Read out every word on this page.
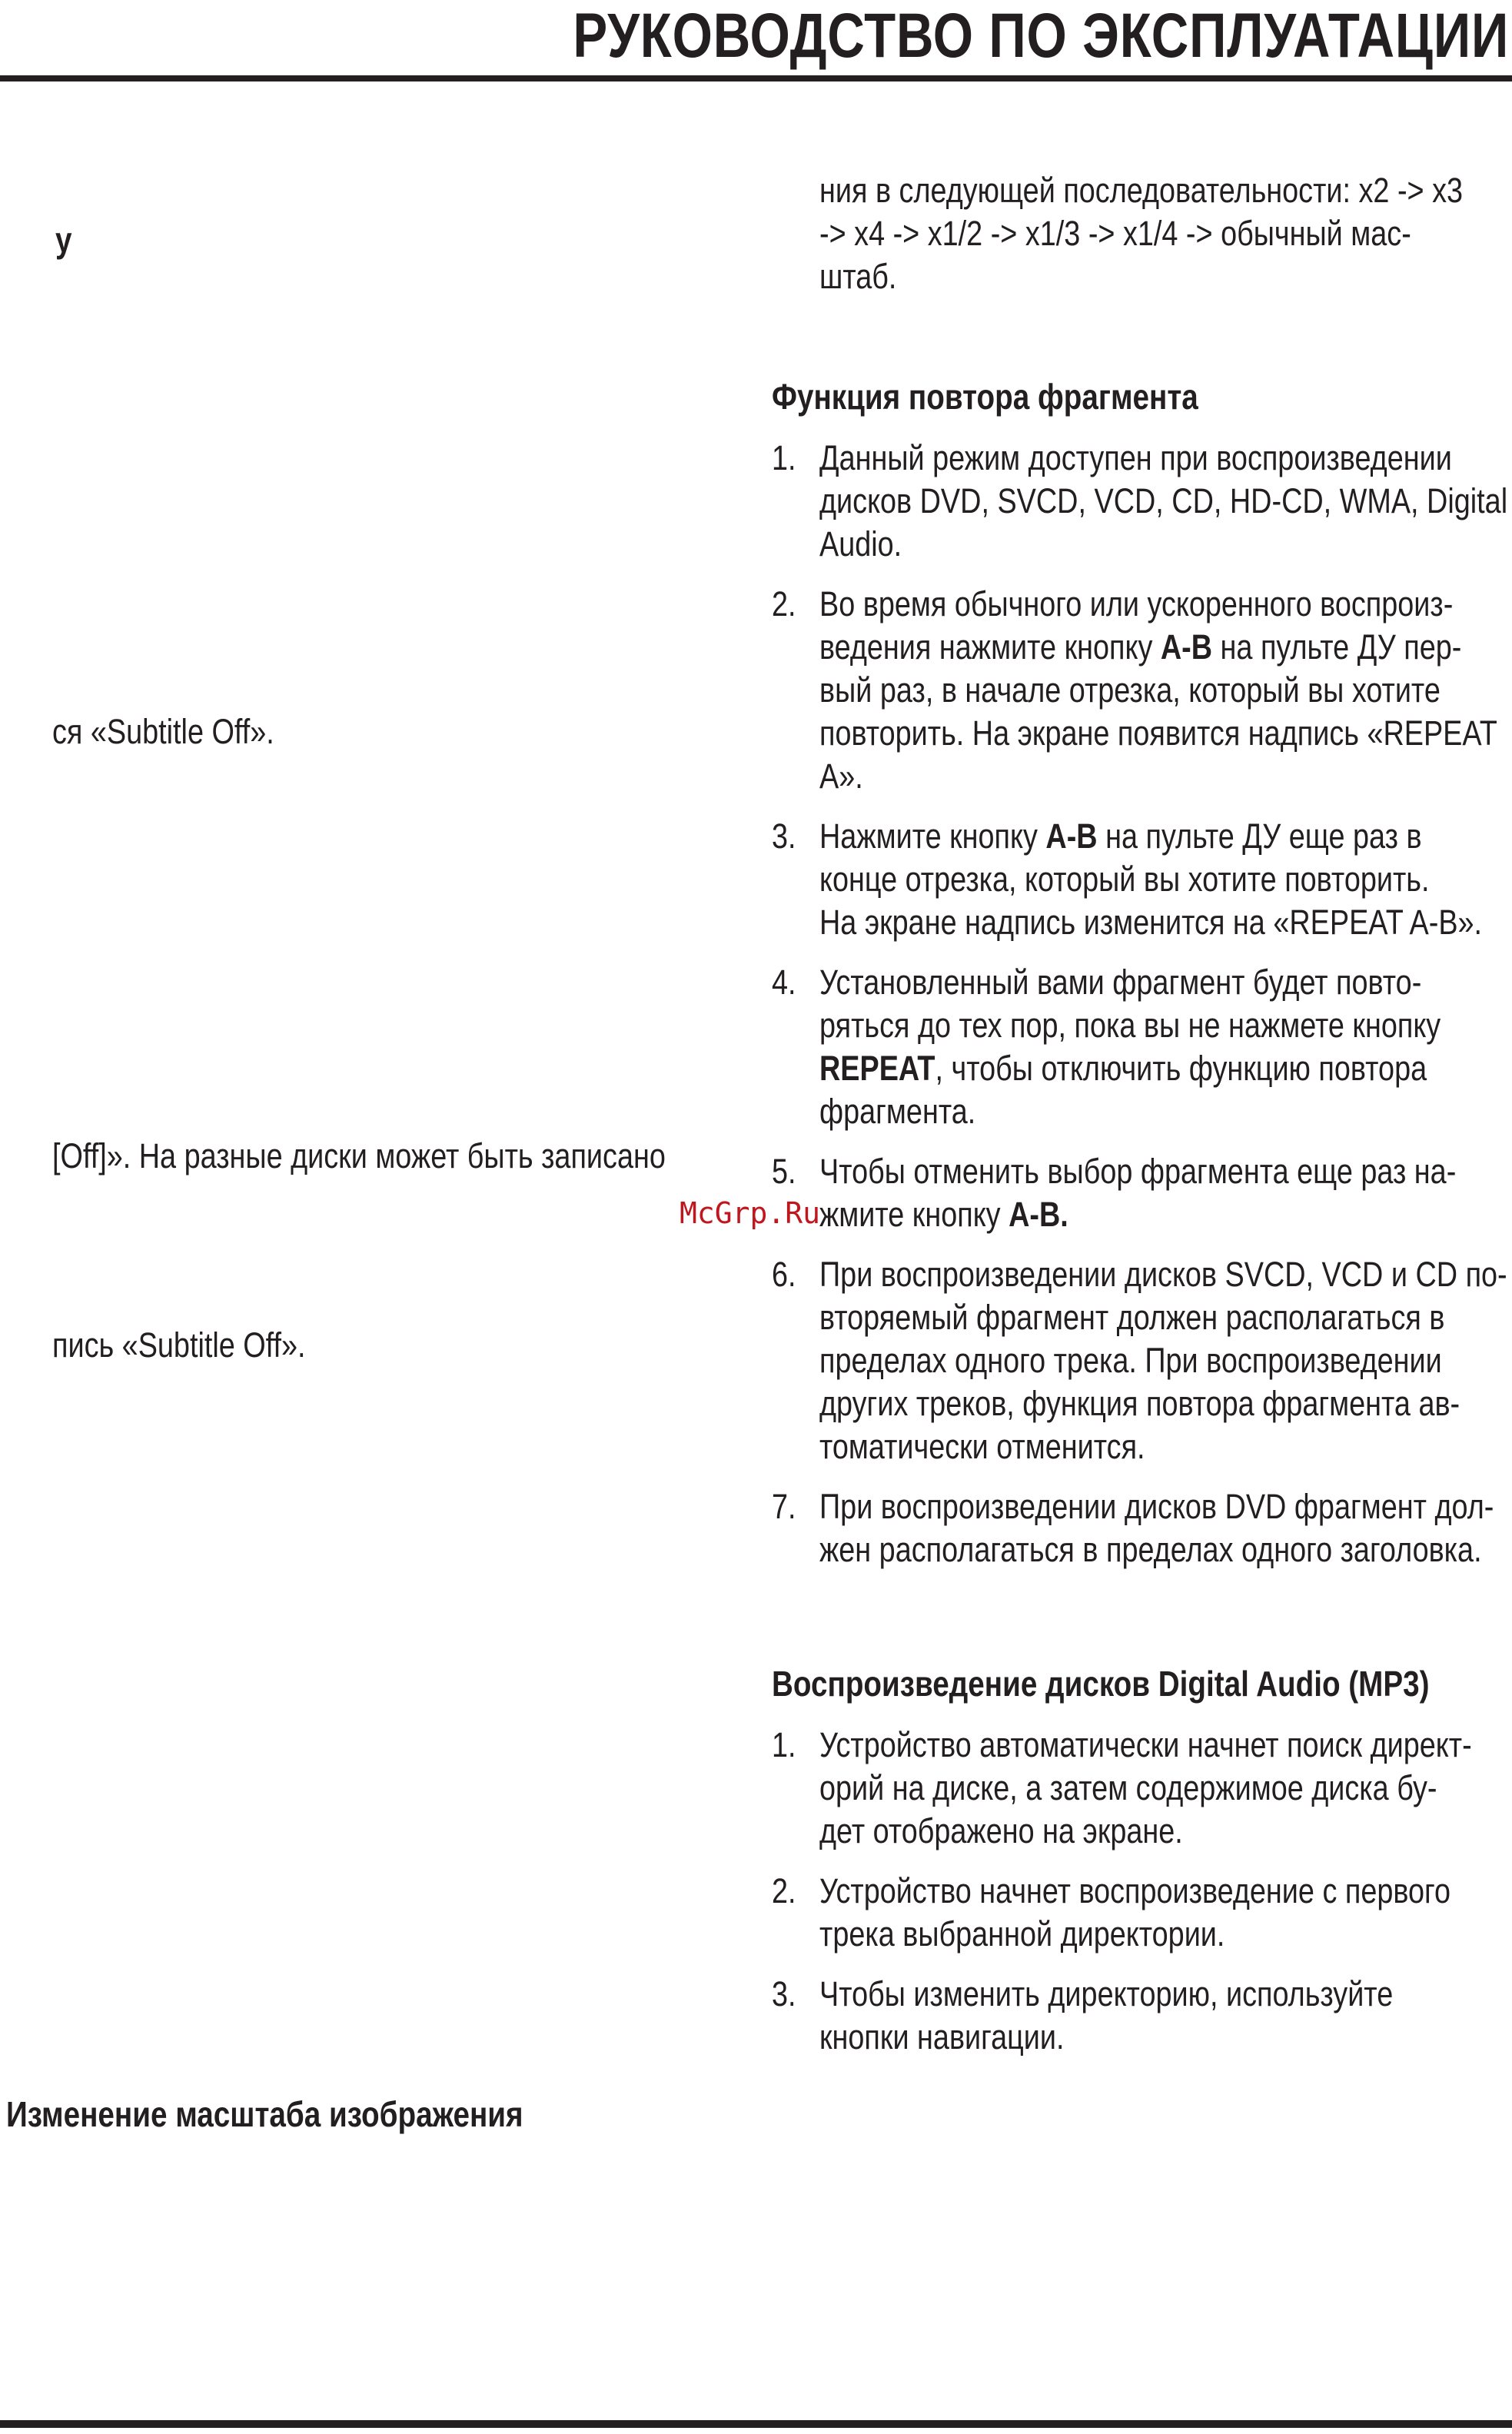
РУКОВОДСТВО ПО ЭКСПЛУАТАЦИИ
у
ся «Subtitle Off».
[Off]». На разные диски может быть записано
пись «Subtitle Off».
Изменение масштаба изображения
ния в следующей последовательности: x2 -> x3
-> x4 -> x1/2 -> x1/3 -> x1/4 -> обычный мас-
штаб.
Функция повтора фрагмента
1. Данный режим доступен при воспроизведении
дисков DVD, SVCD, VCD, CD, HD-CD, WMA, Digital
Audio.
2. Во время обычного или ускоренного воспроиз-
ведения нажмите кнопку A-B на пульте ДУ пер-
вый раз, в начале отрезка, который вы хотите
повторить. На экране появится надпись «REPEAT
A».
3. Нажмите кнопку A-B на пульте ДУ еще раз в
конце отрезка, который вы хотите повторить.
На экране надпись изменится на «REPEAT A-B».
4. Установленный вами фрагмент будет повто-
ряться до тех пор, пока вы не нажмете кнопку
REPEAT, чтобы отключить функцию повтора
фрагмента.
5. Чтобы отменить выбор фрагмента еще раз на-
жмите кнопку A-B.
6. При воспроизведении дисков SVCD, VCD и CD по-
вторяемый фрагмент должен располагаться в
пределах одного трека. При воспроизведении
других треков, функция повтора фрагмента ав-
томатически отменится.
7. При воспроизведении дисков DVD фрагмент дол-
жен располагаться в пределах одного заголовка.
Воспроизведение дисков Digital Audio (MP3)
1. Устройство автоматически начнет поиск директ-
орий на диске, а затем содержимое диска бу-
дет отображено на экране.
2. Устройство начнет воспроизведение с первого
трека выбранной директории.
3. Чтобы изменить директорию, используйте
кнопки навигации.
McGrp.Ru
